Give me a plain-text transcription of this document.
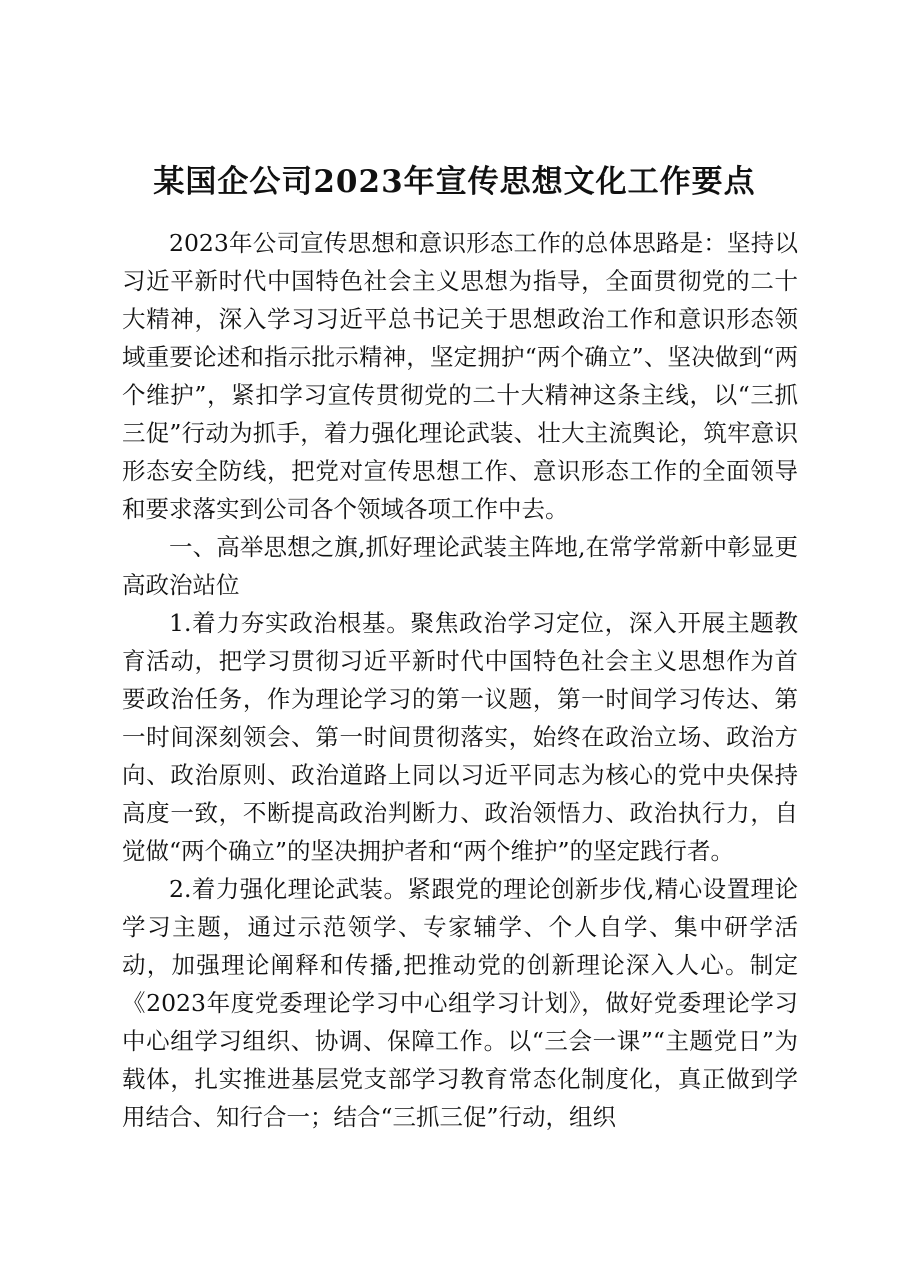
某国企公司2023年宣传思想文化工作要点

2023年公司宣传思想和意识形态工作的总体思路是：坚持以习近平新时代中国特色社会主义思想为指导，全面贯彻党的二十大精神，深入学习习近平总书记关于思想政治工作和意识形态领域重要论述和指示批示精神，坚定拥护“两个确立”、坚决做到“两个维护”，紧扣学习宣传贯彻党的二十大精神这条主线，以“三抓三促”行动为抓手，着力强化理论武装、壮大主流舆论，筑牢意识形态安全防线，把党对宣传思想工作、意识形态工作的全面领导和要求落实到公司各个领域各项工作中去。

一、高举思想之旗,抓好理论武装主阵地,在常学常新中彰显更高政治站位

1.着力夯实政治根基。聚焦政治学习定位，深入开展主题教育活动，把学习贯彻习近平新时代中国特色社会主义思想作为首要政治任务，作为理论学习的第一议题，第一时间学习传达、第一时间深刻领会、第一时间贯彻落实，始终在政治立场、政治方向、政治原则、政治道路上同以习近平同志为核心的党中央保持高度一致，不断提高政治判断力、政治领悟力、政治执行力，自觉做“两个确立”的坚决拥护者和“两个维护”的坚定践行者。

2.着力强化理论武装。紧跟党的理论创新步伐,精心设置理论学习主题，通过示范领学、专家辅学、个人自学、集中研学活动，加强理论阐释和传播,把推动党的创新理论深入人心。制定《2023年度党委理论学习中心组学习计划》，做好党委理论学习中心组学习组织、协调、保障工作。以“三会一课”“主题党日”为载体，扎实推进基层党支部学习教育常态化制度化，真正做到学用结合、知行合一；结合“三抓三促”行动，组织
